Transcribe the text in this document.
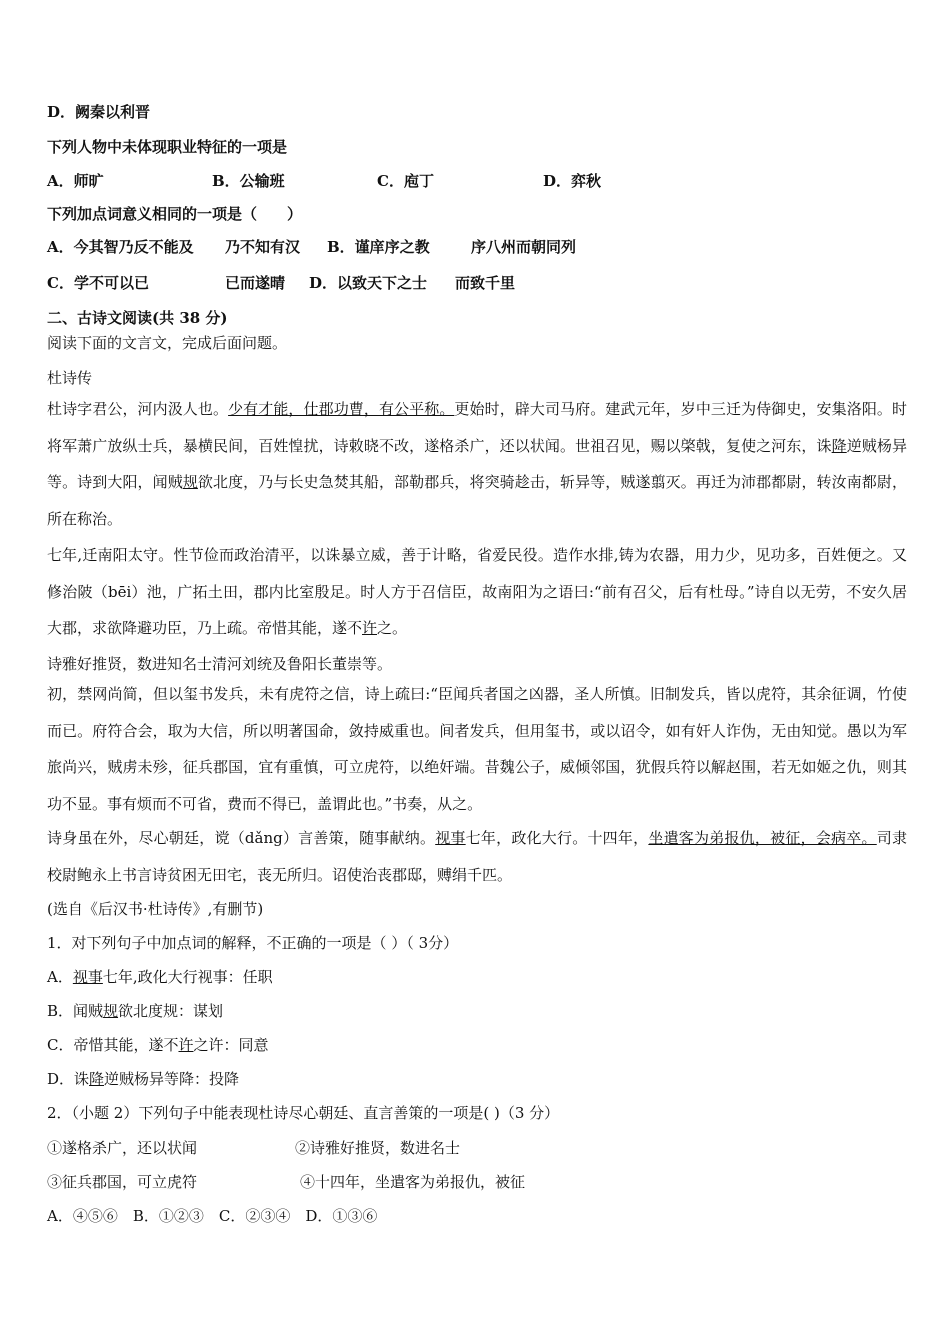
D．阙秦以利晋
下列人物中未体现职业特征的一项是
A．师旷	B．公输班	C．庖丁	D．弈秋
下列加点词意义相同的一项是（　　）
A．今其智乃反不能及 乃不知有汉 B．谨庠序之教	序八州而朝同列
C．学不可以已	已而遂晴 D．以致天下之士 而致千里
二、古诗文阅读(共 38 分)
阅读下面的文言文，完成后面问题。
杜诗传
杜诗字君公，河内汲人也。少有才能，仕郡功曹，有公平称。更始时，辟大司马府。建武元年，岁中三迁为侍御史，安集洛阳。时将军萧广放纵士兵，暴横民间，百姓惶扰，诗敕晓不改，遂格杀广，还以状闻。世祖召见，赐以棨戟，复使之河东，诛降逆贼杨异等。诗到大阳，闻贼规欲北度，乃与长史急焚其船，部勒郡兵，将突骑趁击，斩异等，贼遂翦灭。再迁为沛郡都尉，转汝南都尉，所在称治。
七年,迁南阳太守。性节俭而政治清平，以诛暴立威，善于计略，省爱民役。造作水排,铸为农器，用力少，见功多，百姓便之。又修治陂（bēi）池，广拓土田，郡内比室殷足。时人方于召信臣，故南阳为之语曰:“前有召父，后有杜母。”诗自以无劳，不安久居大郡，求欲降避功臣，乃上疏。帝惜其能，遂不许之。
诗雅好推贤，数进知名士清河刘统及鲁阳长董崇等。
初，禁网尚简，但以玺书发兵，未有虎符之信，诗上疏曰:“臣闻兵者国之凶器，圣人所慎。旧制发兵，皆以虎符，其余征调，竹使而已。府符合会，取为大信，所以明著国命，敛持威重也。间者发兵，但用玺书，或以诏令，如有奸人诈伪，无由知觉。愚以为军旅尚兴，贼虏未殄，征兵郡国，宜有重慎，可立虎符，以绝奸端。昔魏公子，威倾邻国，犹假兵符以解赵围，若无如姬之仇，则其功不显。事有烦而不可省，费而不得已，盖谓此也。”书奏，从之。
诗身虽在外，尽心朝廷，谠（dǎng）言善策，随事献纳。视事七年，政化大行。十四年，坐遣客为弟报仇，被征，会病卒。司隶校尉鲍永上书言诗贫困无田宅，丧无所归。诏使治丧郡邸，赙绢千匹。
(选自《后汉书·杜诗传》,有删节)
1．对下列句子中加点词的解释，不正确的一项是（ ）（ 3分）
A．视事七年,政化大行视事：任职
B．闻贼规欲北度规：谋划
C．帝惜其能，遂不许之许：同意
D．诛降逆贼杨异等降：投降
2．（小题 2）下列句子中能表现杜诗尽心朝廷、直言善策的一项是( )（3 分）
①遂格杀广，还以状闻	②诗雅好推贤，数进名士
③征兵郡国，可立虎符	④十四年，坐遣客为弟报仇，被征
A．④⑤⑥　B．①②③　C．②③④　D．①③⑥
